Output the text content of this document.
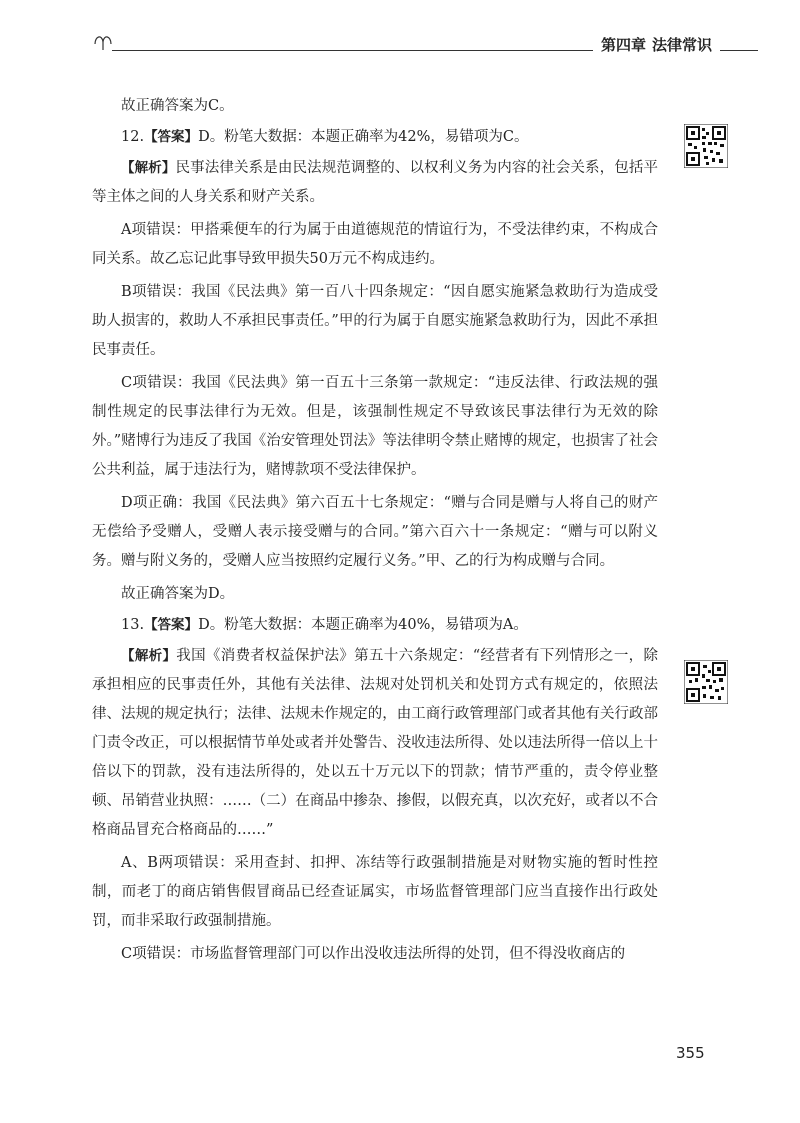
第四章 法律常识

故正确答案为C。

12.【答案】D。粉笔大数据：本题正确率为42%，易错项为C。

【解析】民事法律关系是由民法规范调整的、以权利义务为内容的社会关系，包括平等主体之间的人身关系和财产关系。

A项错误：甲搭乘便车的行为属于由道德规范的情谊行为，不受法律约束，不构成合同关系。故乙忘记此事导致甲损失50万元不构成违约。

B项错误：我国《民法典》第一百八十四条规定：“因自愿实施紧急救助行为造成受助人损害的，救助人不承担民事责任。”甲的行为属于自愿实施紧急救助行为，因此不承担民事责任。

C项错误：我国《民法典》第一百五十三条第一款规定：“违反法律、行政法规的强制性规定的民事法律行为无效。但是，该强制性规定不导致该民事法律行为无效的除外。”赌博行为违反了我国《治安管理处罚法》等法律明令禁止赌博的规定，也损害了社会公共利益，属于违法行为，赌博款项不受法律保护。

D项正确：我国《民法典》第六百五十七条规定：“赠与合同是赠与人将自己的财产无偿给予受赠人，受赠人表示接受赠与的合同。”第六百六十一条规定：“赠与可以附义务。赠与附义务的，受赠人应当按照约定履行义务。”甲、乙的行为构成赠与合同。

故正确答案为D。

13.【答案】D。粉笔大数据：本题正确率为40%，易错项为A。

【解析】我国《消费者权益保护法》第五十六条规定：“经营者有下列情形之一，除承担相应的民事责任外，其他有关法律、法规对处罚机关和处罚方式有规定的，依照法律、法规的规定执行；法律、法规未作规定的，由工商行政管理部门或者其他有关行政部门责令改正，可以根据情节单处或者并处警告、没收违法所得、处以违法所得一倍以上十倍以下的罚款，没有违法所得的，处以五十万元以下的罚款；情节严重的，责令停业整顿、吊销营业执照：……（二）在商品中掺杂、掺假，以假充真，以次充好，或者以不合格商品冒充合格商品的……”

A、B两项错误：采用查封、扣押、冻结等行政强制措施是对财物实施的暂时性控制，而老丁的商店销售假冒商品已经查证属实，市场监督管理部门应当直接作出行政处罚，而非采取行政强制措施。

C项错误：市场监督管理部门可以作出没收违法所得的处罚，但不得没收商店的

355
